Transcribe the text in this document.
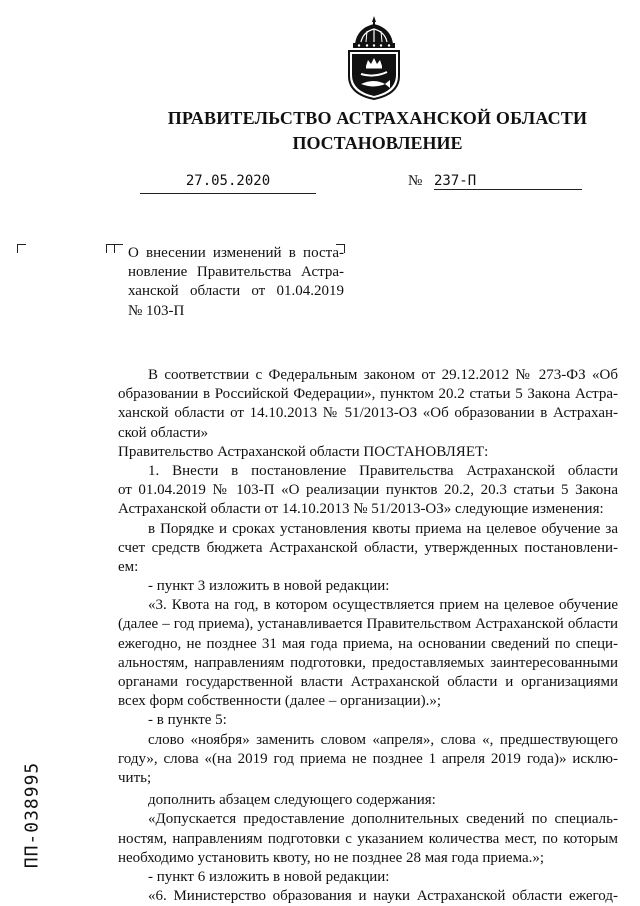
ПРАВИТЕЛЬСТВО АСТРАХАНСКОЙ ОБЛАСТИ
ПОСТАНОВЛЕНИЕ
27.05.2020	№ 237-П
О внесении изменений в поста-
новление Правительства Астра-
ханской области от 01.04.2019
№ 103-П
В соответствии с Федеральным законом от 29.12.2012 № 273-ФЗ «Об
образовании в Российской Федерации», пунктом 20.2 статьи 5 Закона Астра-
ханской области от 14.10.2013 № 51/2013-ОЗ «Об образовании в Астрахан-
ской области»
Правительство Астраханской области ПОСТАНОВЛЯЕТ:
1. Внести в постановление Правительства Астраханской области
от 01.04.2019 № 103-П «О реализации пунктов 20.2, 20.3 статьи 5 Закона
Астраханской области от 14.10.2013 № 51/2013-ОЗ» следующие изменения:
в Порядке и сроках установления квоты приема на целевое обучение за
счет средств бюджета Астраханской области, утвержденных постановлени-
ем:
- пункт 3 изложить в новой редакции:
«3. Квота на год, в котором осуществляется прием на целевое обучение
(далее – год приема), устанавливается Правительством Астраханской области
ежегодно, не позднее 31 мая года приема, на основании сведений по специ-
альностям, направлениям подготовки, предоставляемых заинтересованными
органами государственной власти Астраханской области и организациями
всех форм собственности (далее – организации).»;
- в пункте 5:
слово «ноября» заменить словом «апреля», слова «, предшествующего
году», слова «(на 2019 год приема не позднее 1 апреля 2019 года)» исклю-
чить;
дополнить абзацем следующего содержания:
«Допускается предоставление дополнительных сведений по специаль-
ностям, направлениям подготовки с указанием количества мест, по которым
необходимо установить квоту, но не позднее 28 мая года приема.»;
- пункт 6 изложить в новой редакции:
«6. Министерство образования и науки Астраханской области ежегод-
ПП-038995
